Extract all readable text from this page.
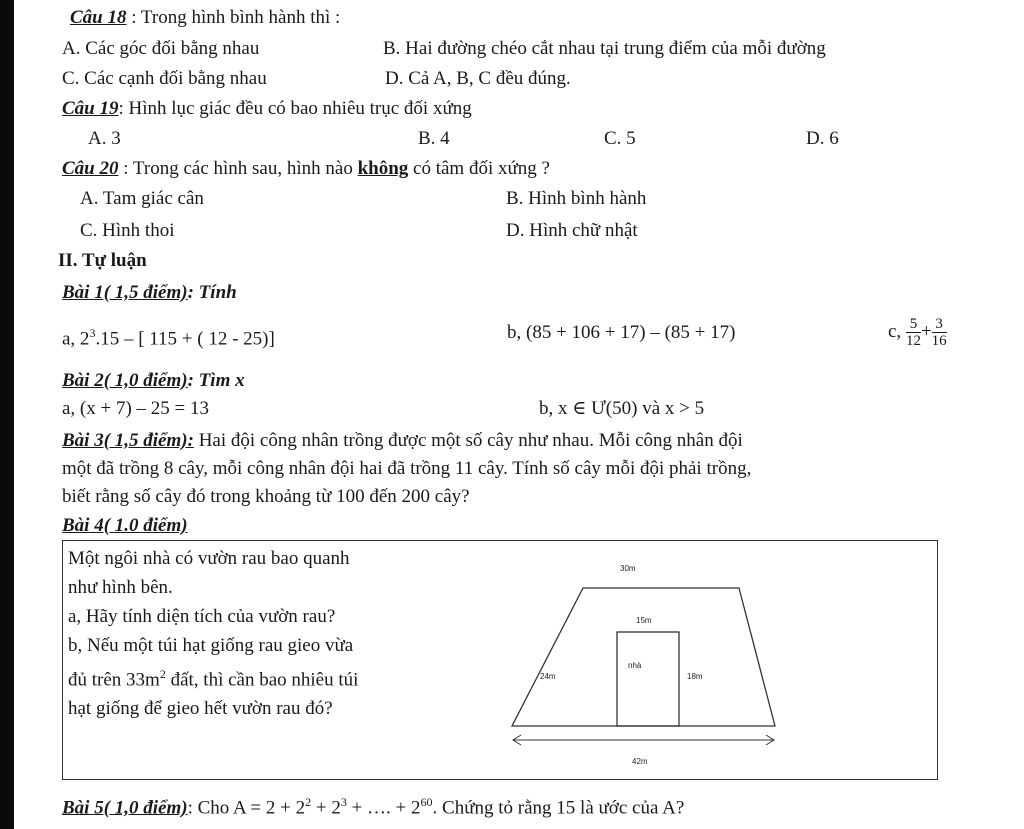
Câu 18 : Trong hình bình hành thì :
A. Các góc đối bằng nhau	B. Hai đường chéo cắt nhau tại trung điểm của mỗi đường
C. Các cạnh đối bằng nhau	D. Cả A, B, C đều đúng.
Câu 19: Hình lục giác đều có bao nhiêu trục đối xứng
A. 3	B. 4	C. 5	D. 6
Câu 20 : Trong các hình sau, hình nào không có tâm đối xứng ?
A. Tam giác cân	B. Hình bình hành
C. Hình thoi	D. Hình chữ nhật
II. Tự luận
Bài 1( 1,5 điểm): Tính
a, $2^3.15$ – [ 115 + ( 12 - 25)]	b, (85 + 106 + 17) – (85 + 17)	c, $\frac{5}{12} + \frac{3}{16}$
Bài 2( 1,0 điểm): Tìm x
a, (x + 7) – 25 = 13	b, x ∈ Ư(50) và x > 5
Bài 3( 1,5 điểm): Hai đội công nhân trồng được một số cây như nhau. Mỗi công nhân đội
một đã trồng 8 cây, mỗi công nhân đội hai đã trồng 11 cây. Tính số cây mỗi đội phải trồng,
biết rằng số cây đó trong khoảng từ 100 đến 200 cây?
Bài 4( 1.0 điểm)
Một ngôi nhà có vườn rau bao quanh
như hình bên.
a, Hãy tính diện tích của vườn rau?
b, Nếu một túi hạt giống rau gieo vừa
đủ trên $33m^2$ đất, thì cần bao nhiêu túi
hạt giống để gieo hết vườn rau đó?
30m
15m
24m
nhà
18m
42m
Bài 5( 1,0 điểm): Cho $A = 2 + 2^2 + 2^3$ + …. + $2^{60}$. Chứng tỏ rằng 15 là ước của A?
